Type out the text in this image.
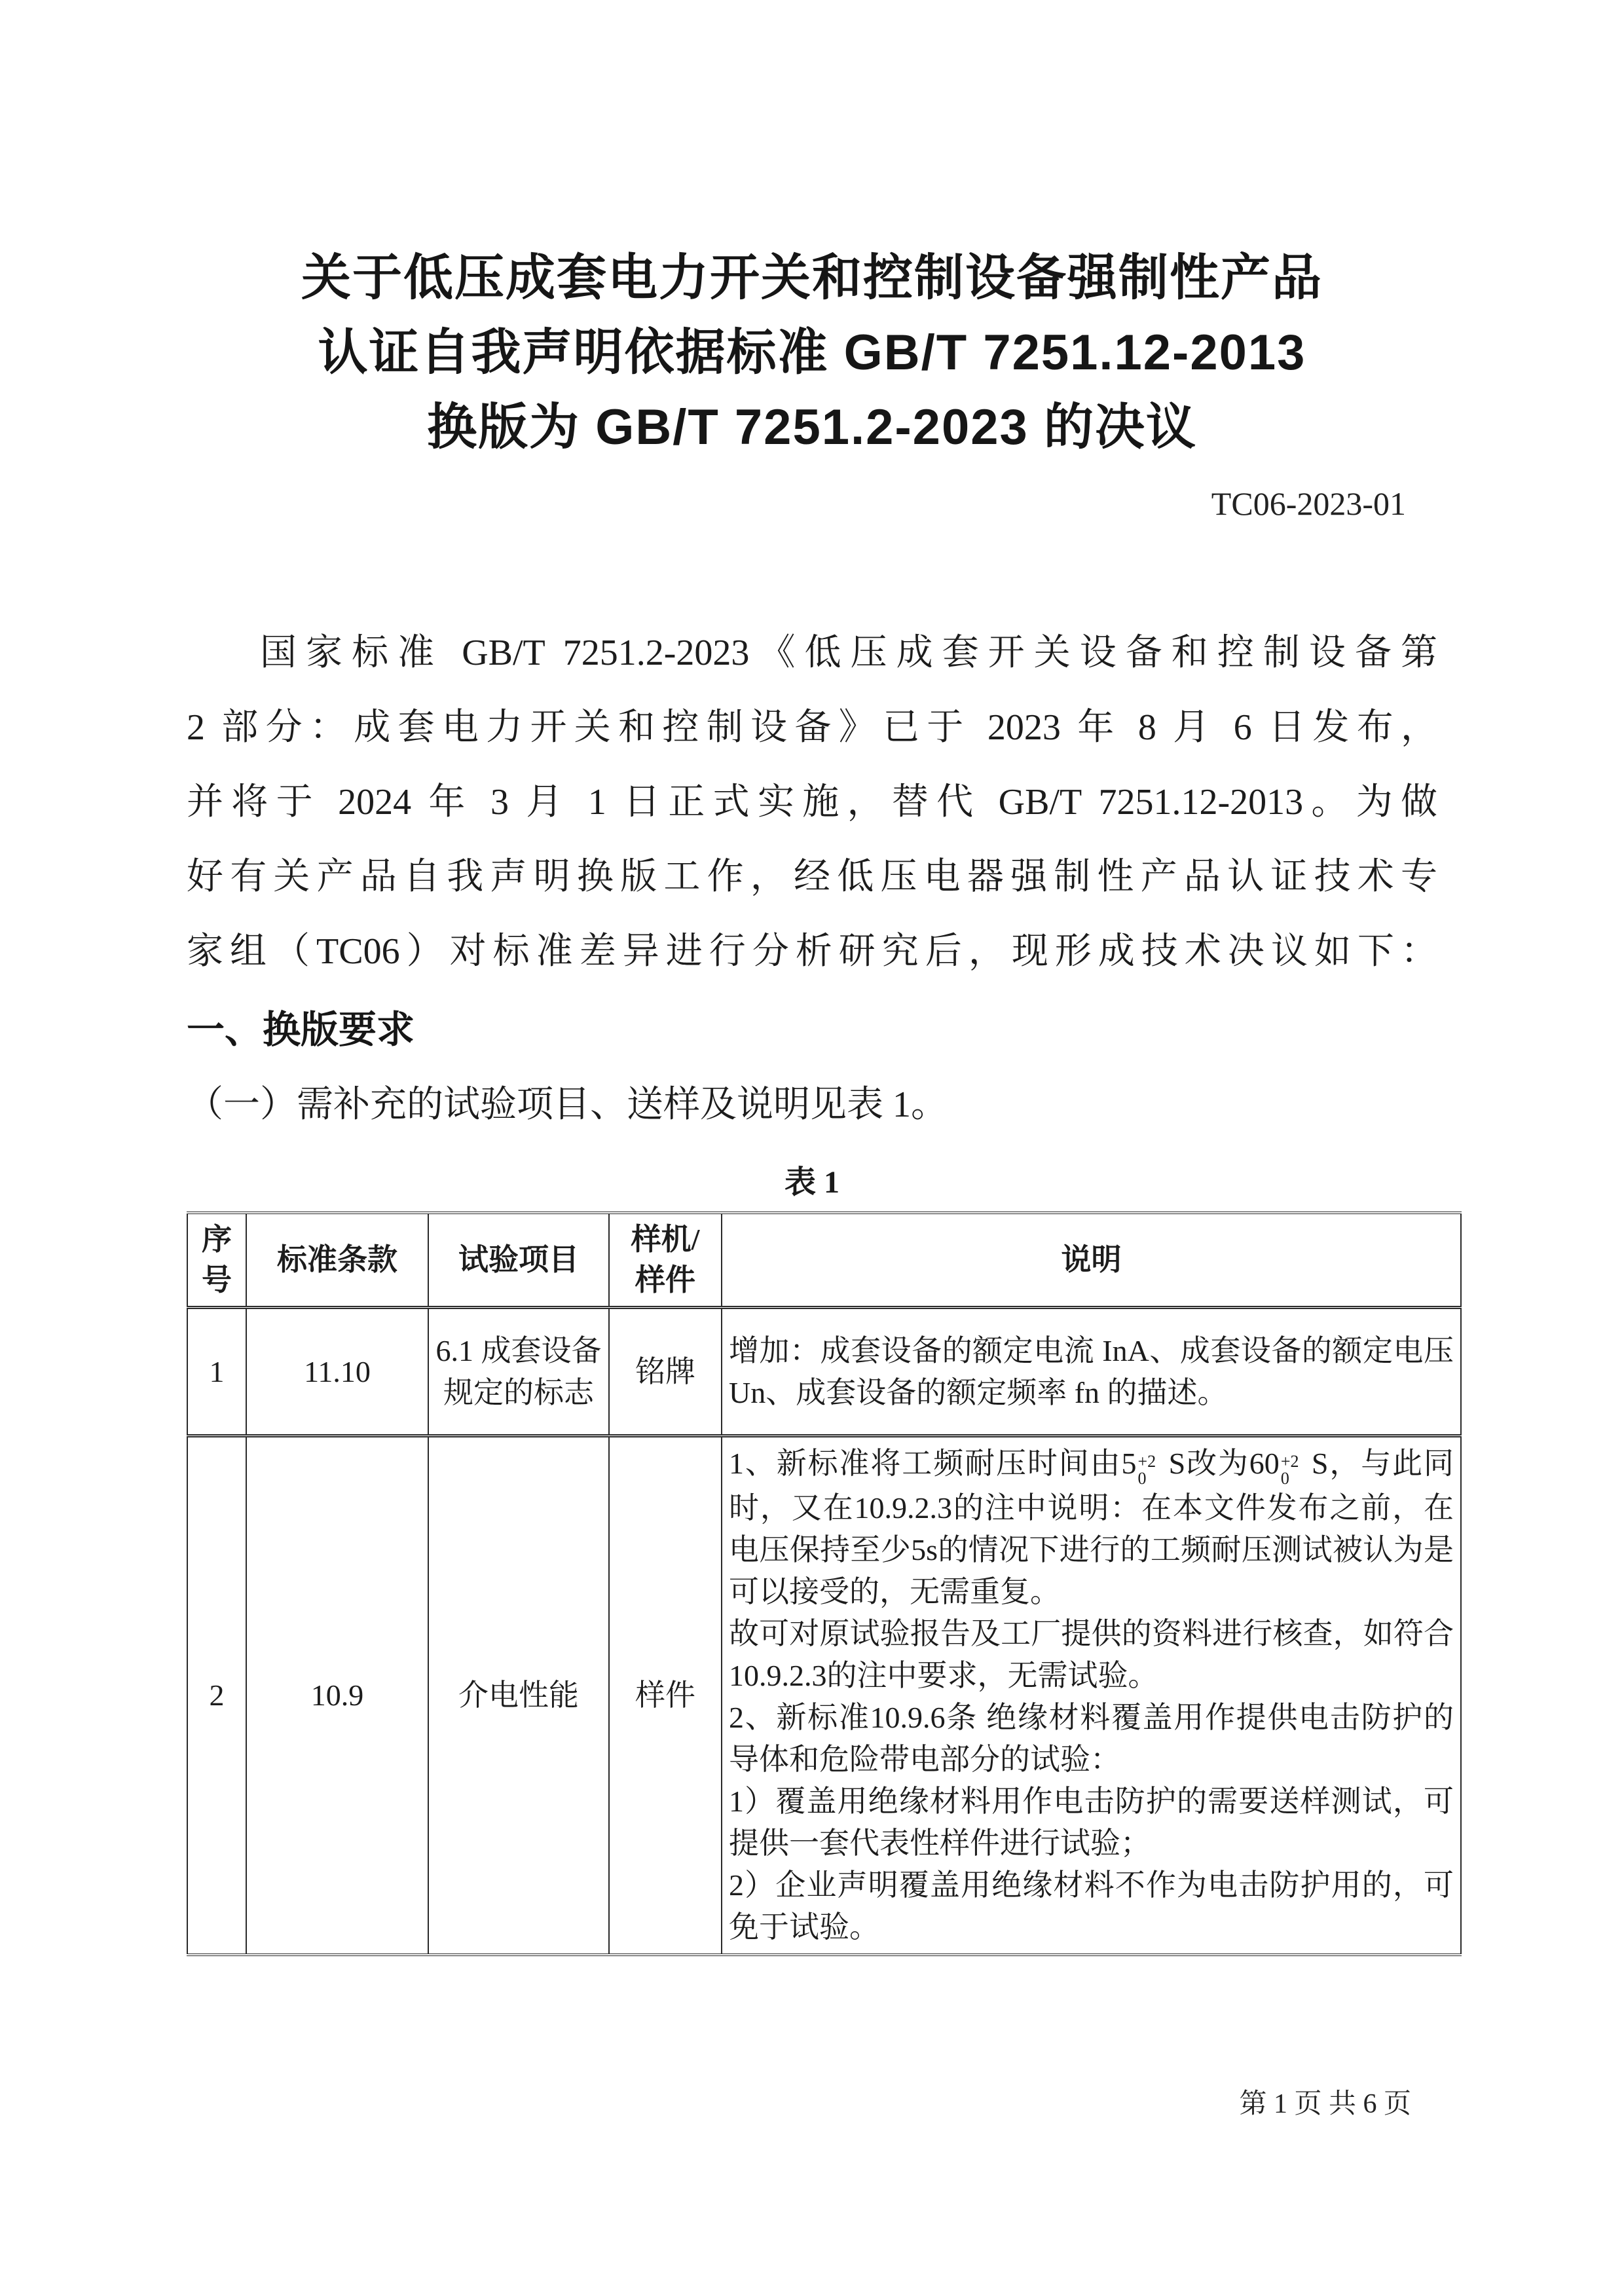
关于低压成套电力开关和控制设备强制性产品
认证自我声明依据标准 GB/T 7251.12-2013
换版为 GB/T 7251.2-2023 的决议
TC06-2023-01
国家标准 GB/T 7251.2-2023《低压成套开关设备和控制设备第
2 部分：成套电力开关和控制设备》已于 2023 年 8 月 6 日发布，
并将于 2024 年 3 月 1 日正式实施，替代 GB/T 7251.12-2013。为做
好有关产品自我声明换版工作，经低压电器强制性产品认证技术专
家组（TC06）对标准差异进行分析研究后，现形成技术决议如下：
一、换版要求
（一）需补充的试验项目、送样及说明见表 1。
表 1
序号	标准条款	试验项目	样机/样件	说明
1	11.10	6.1 成套设备规定的标志	铭牌	增加：成套设备的额定电流 InA、成套设备的额定电压 Un、成套设备的额定频率 fn 的描述。

2	10.9	介电性能	样件	
1、新标准将工频耐压时间由5 +2
0 S改为60 +2
0 S，与此同时，又在10.9.2.3的注中说明：在本文件发布之前，在电压保持至少5s的情况下进行的工频耐压测试被认为是可以接受的，无需重复。
故可对原试验报告及工厂提供的资料进行核查，如符合10.9.2.3的注中要求，无需试验。
2、新标准10.9.6条 绝缘材料覆盖用作提供电击防护的导体和危险带电部分的试验：
1）覆盖用绝缘材料用作电击防护的需要送样测试，可提供一套代表性样件进行试验；
2）企业声明覆盖用绝缘材料不作为电击防护用的，可免于试验。
第 1 页 共 6 页
